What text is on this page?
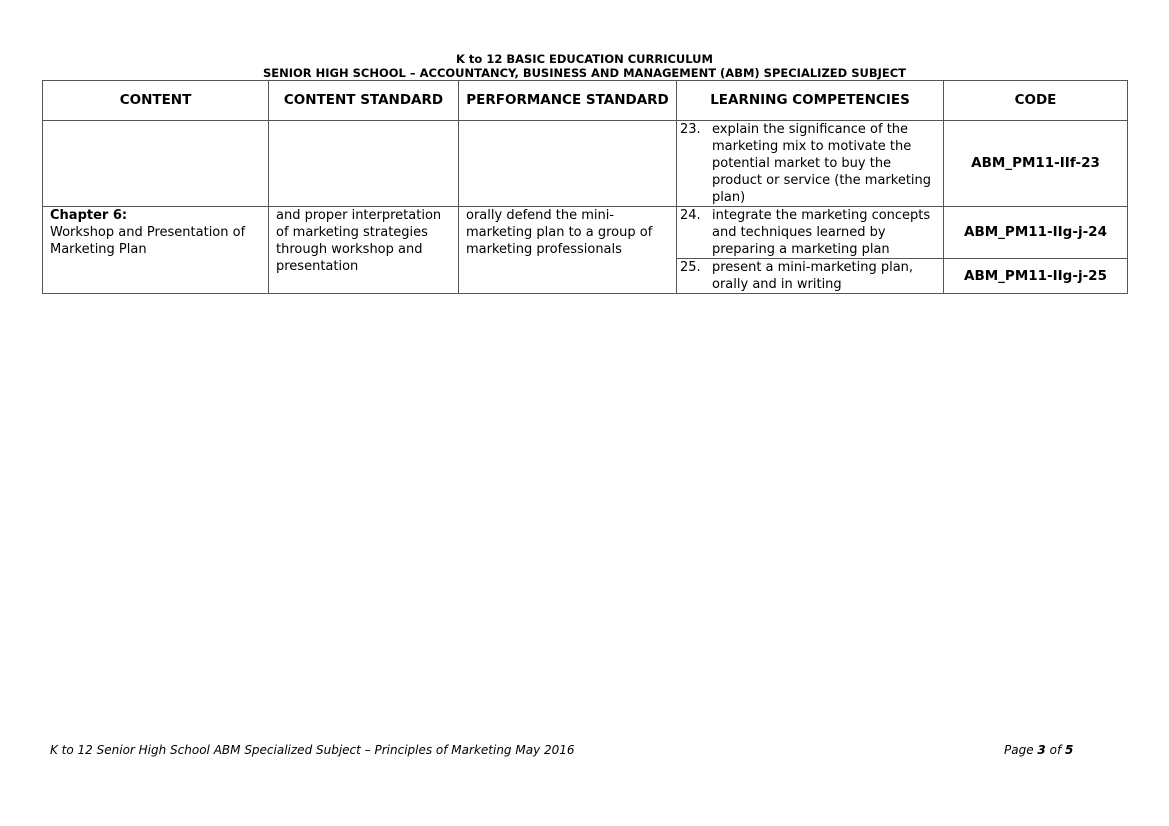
K to 12 BASIC EDUCATION CURRICULUM
SENIOR HIGH SCHOOL – ACCOUNTANCY, BUSINESS AND MANAGEMENT (ABM) SPECIALIZED SUBJECT
CONTENT	CONTENT STANDARD	PERFORMANCE STANDARD	LEARNING COMPETENCIES	CODE

			23. explain the significance of the marketing mix to motivate the potential market to buy the product or service (the marketing plan)	ABM_PM11-IIf-23

Chapter 6:
Workshop and Presentation of Marketing Plan	and proper interpretation of marketing strategies through workshop and presentation	orally defend the mini-marketing plan to a group of marketing professionals	24. integrate the marketing concepts and techniques learned by preparing a marketing plan	ABM_PM11-IIg-j-24

			25. present a mini-marketing plan, orally and in writing	ABM_PM11-IIg-j-25
K to 12 Senior High School ABM Specialized Subject – Principles of Marketing May 2016	Page 3 of 5
